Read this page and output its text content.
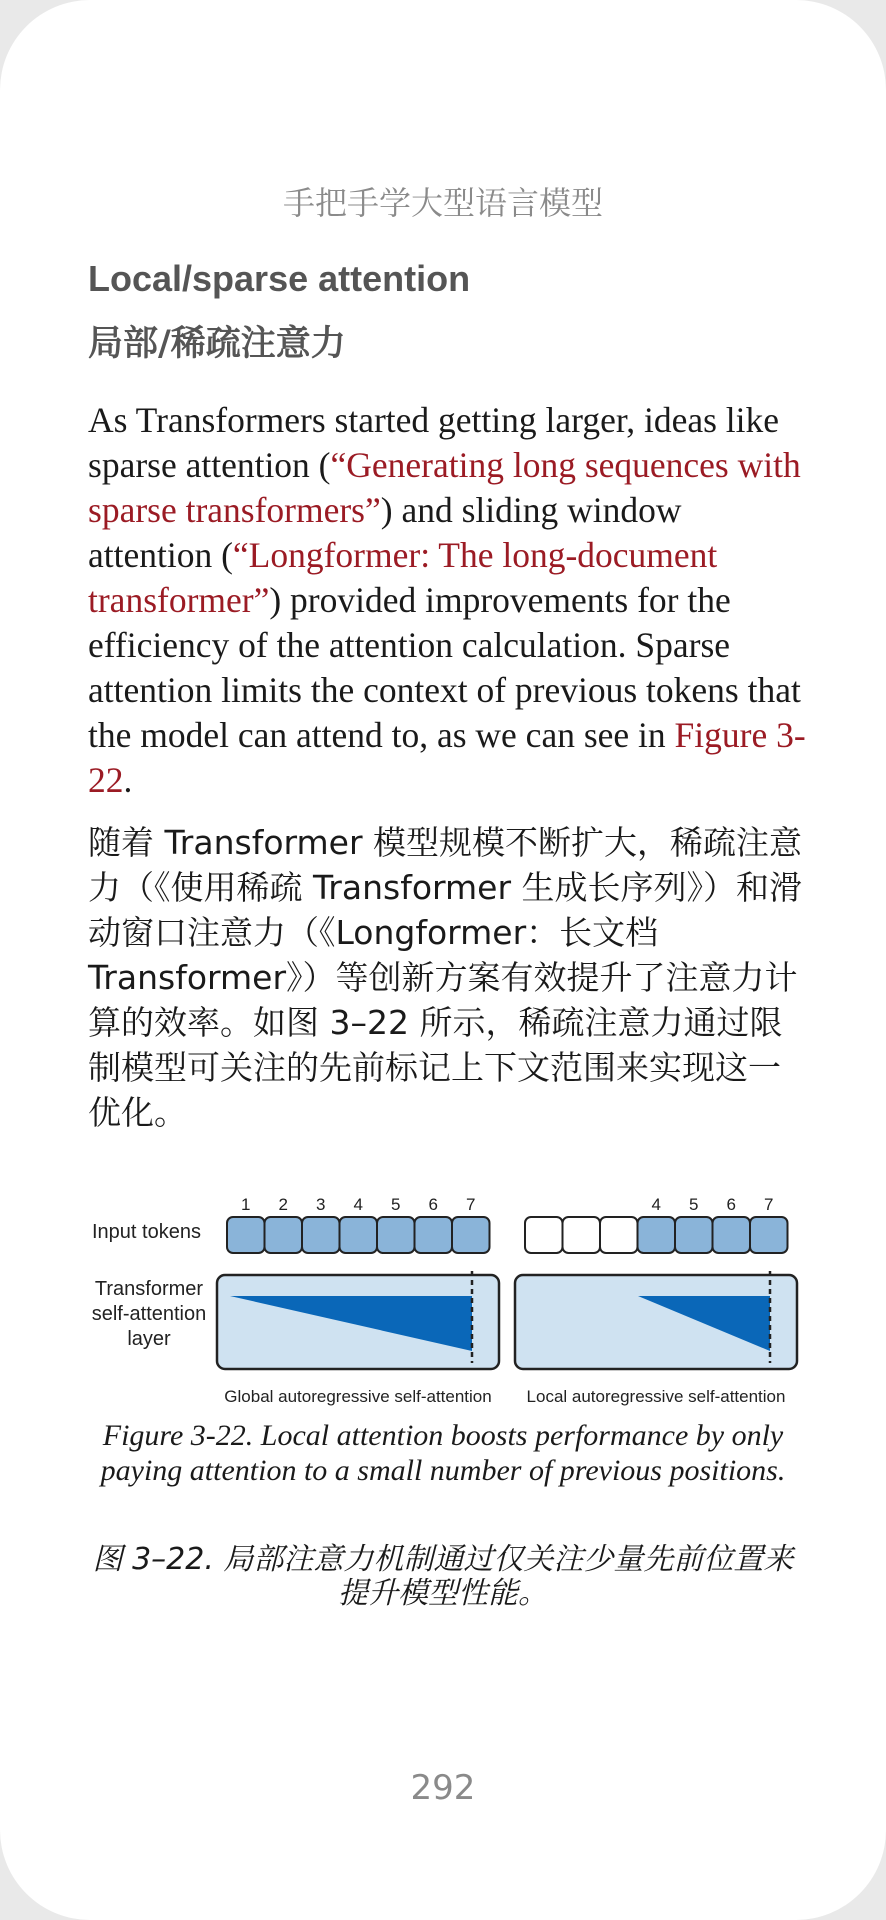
手把手学大型语言模型
Local/sparse attention
局部/稀疏注意力

As Transformers started getting larger, ideas like sparse attention (“Generating long sequences with sparse transformers”) and sliding window attention (“Longformer: The long-document transformer”) provided improvements for the efficiency of the attention calculation. Sparse attention limits the context of previous tokens that the model can attend to, as we can see in Figure 3-22.

随着 Transformer 模型规模不断扩大，稀疏注意力（《使用稀疏 Transformer 生成长序列》）和滑动窗口注意力（《Longformer：长文档 Transformer》）等创新方案有效提升了注意力计算的效率。如图 3–22 所示，稀疏注意力通过限制模型可关注的先前标记上下文范围来实现这一优化。

Input tokens
Transformer
self-attention
layer
Global autoregressive self-attention Local autoregressive self-attention
1 2 3 4 5 6 7	4 5 6 7
Figure 3-22. Local attention boosts performance by only paying attention to a small number of previous positions.
图 3–22. 局部注意力机制通过仅关注少量先前位置来提升模型性能。
292
